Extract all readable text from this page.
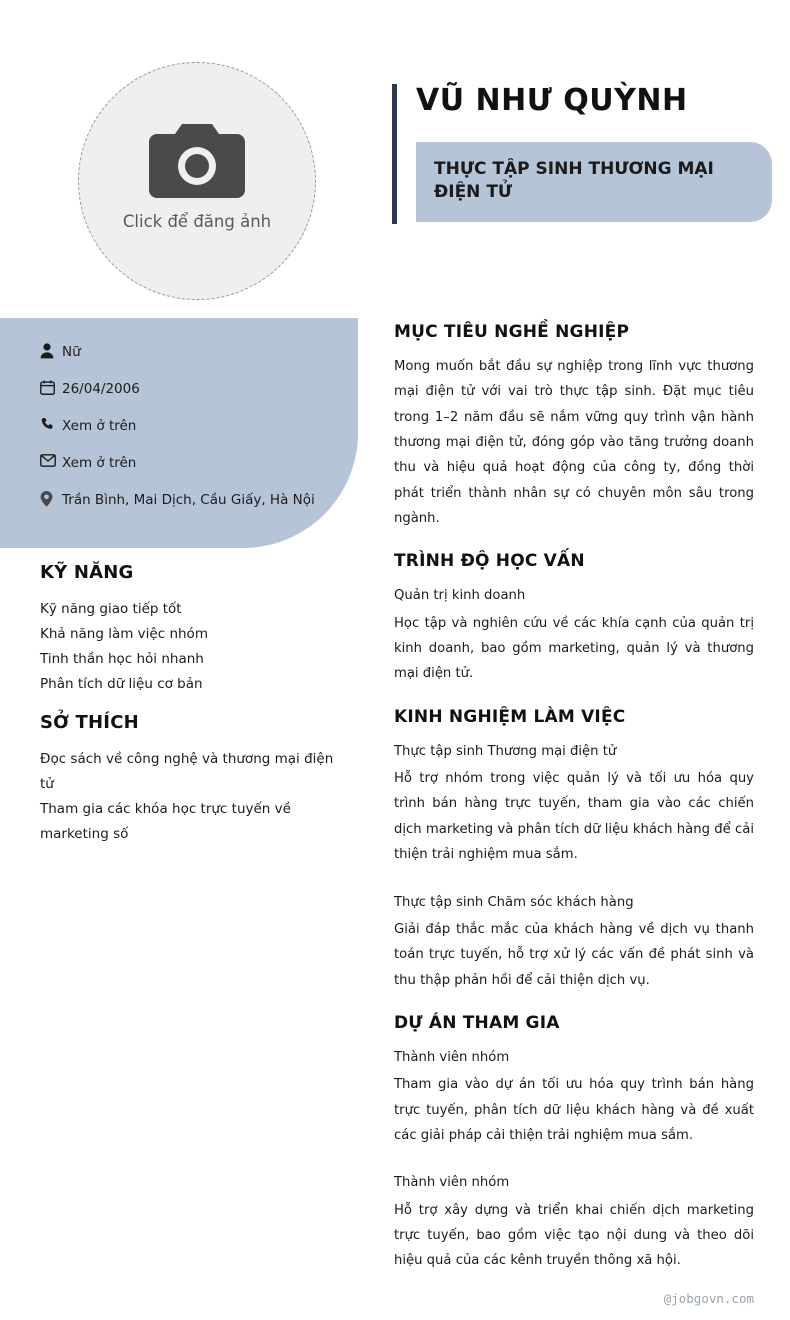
Click để đăng ảnh
Nữ
26/04/2006
Xem ở trên
Xem ở trên
Trần Bình, Mai Dịch, Cầu Giấy, Hà Nội
KỸ NĂNG
Kỹ năng giao tiếp tốt
Khả năng làm việc nhóm
Tinh thần học hỏi nhanh
Phân tích dữ liệu cơ bản
SỞ THÍCH
Đọc sách về công nghệ và thương mại điện tử
Tham gia các khóa học trực tuyến về marketing số
VŨ NHƯ QUỲNH
THỰC TẬP SINH THƯƠNG MẠI ĐIỆN TỬ
MỤC TIÊU NGHỀ NGHIỆP

Mong muốn bắt đầu sự nghiệp trong lĩnh vực thương mại điện tử với vai trò thực tập sinh. Đặt mục tiêu trong 1–2 năm đầu sẽ nắm vững quy trình vận hành thương mại điện tử, đóng góp vào tăng trưởng doanh thu và hiệu quả hoạt động của công ty, đồng thời phát triển thành nhân sự có chuyên môn sâu trong ngành.

TRÌNH ĐỘ HỌC VẤN

Quản trị kinh doanh

Học tập và nghiên cứu về các khía cạnh của quản trị kinh doanh, bao gồm marketing, quản lý và thương mại điện tử.

KINH NGHIỆM LÀM VIỆC

Thực tập sinh Thương mại điện tử

Hỗ trợ nhóm trong việc quản lý và tối ưu hóa quy trình bán hàng trực tuyến, tham gia vào các chiến dịch marketing và phân tích dữ liệu khách hàng để cải thiện trải nghiệm mua sắm.

Thực tập sinh Chăm sóc khách hàng

Giải đáp thắc mắc của khách hàng về dịch vụ thanh toán trực tuyến, hỗ trợ xử lý các vấn đề phát sinh và thu thập phản hồi để cải thiện dịch vụ.

DỰ ÁN THAM GIA

Thành viên nhóm

Tham gia vào dự án tối ưu hóa quy trình bán hàng trực tuyến, phân tích dữ liệu khách hàng và đề xuất các giải pháp cải thiện trải nghiệm mua sắm.

Thành viên nhóm

Hỗ trợ xây dựng và triển khai chiến dịch marketing trực tuyến, bao gồm việc tạo nội dung và theo dõi hiệu quả của các kênh truyền thông xã hội.

@jobgovn.com
